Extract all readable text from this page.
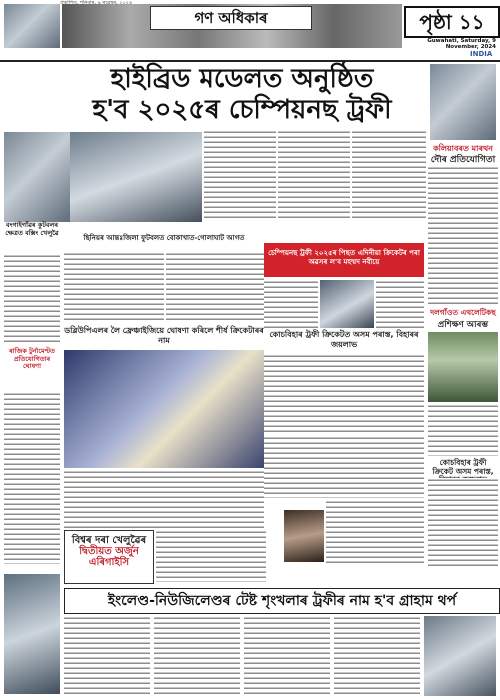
প্ৰকাশিত, শনিবাৰ, ৯ নৱেম্বৰ, ২০২৪
গণ অধিকাৰ	পৃষ্ঠা ১১
Guwahati, Saturday, 9 November, 2024
INDIA
হাইব্ৰিড মডেলত অনুষ্ঠিত
হ'ব ২০২৫ৰ চেম্পিয়নছ ট্ৰফী
কলিয়াবৰত মাৰথন
দৌৰ প্ৰতিযোগিতা
দলগাঁওত এথলেটিকছ
প্ৰশিক্ষণ আৰম্ভ
কোচবিহাৰ ট্ৰফী ক্ৰিকেট অসম পৰাস্ত,
বংগাইগাঁৱৰ কুটবলৰ ক্ষেত্ৰত বক্সিং খেলুৱৈ
ৰাজিক টুৰ্নামেণ্টত প্ৰতিযোগিতাৰ ঘোষণা
ছিনিয়ৰ আন্তঃজিলা ফুটবলত বোকাখাত-গোলাঘাট আগত
চেম্পিয়নছ ট্ৰফী ২০২৫ৰ পিছত এদিনীয়া ক্ৰিকেটৰ পৰা অৱসৰ ল'ব মহম্মদ নবীয়ে
ডব্লিউপিএলৰ লৈ ফ্ৰেঞ্চাইজিয়ে ঘোষণা কৰিলে শীৰ্ষ ক্ৰিকেটাৰৰ নাম
কোচবিহাৰ ট্ৰফী ক্ৰিকেটত অসম পৰাস্ত, বিহাৰৰ জয়লাভ
বিশ্বৰ দৰা খেলুৱৈৰ
দ্বিতীয়ত অৰ্জুন এৰিগাইসি
ইংলেণ্ড-নিউজিলেণ্ডৰ টেষ্ট শৃংখলাৰ ট্ৰফীৰ নাম হ'ব গ্ৰাহাম থৰ্প
